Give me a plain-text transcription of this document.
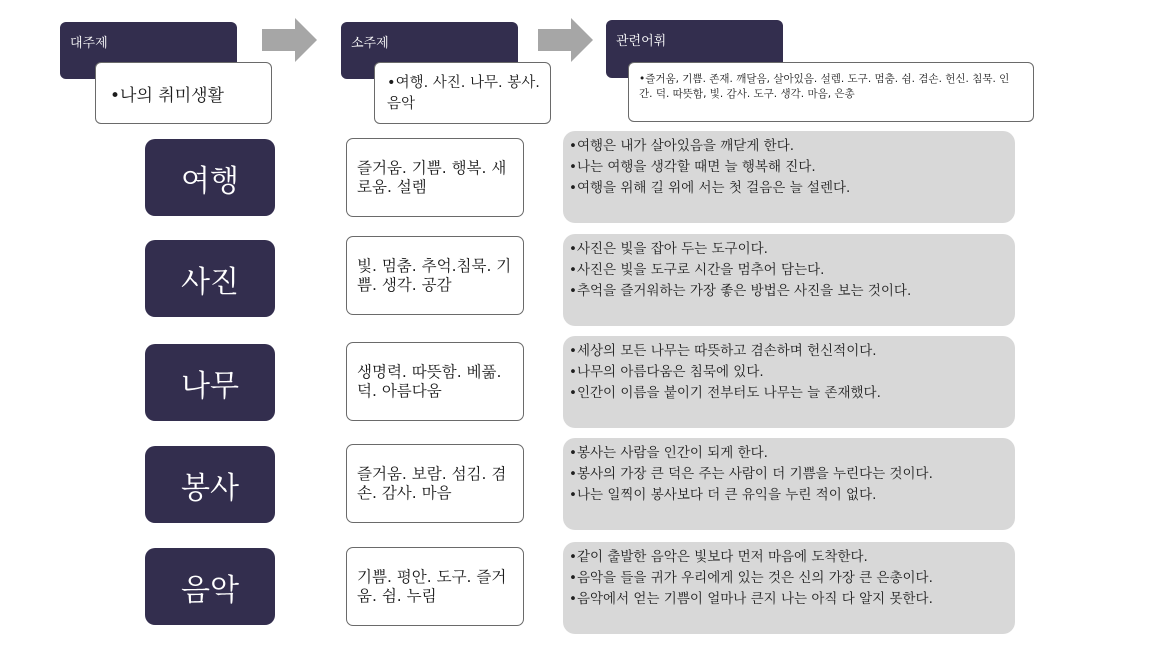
대주제
• 나의 취미생활
소주제
• 여행. 사진. 나무. 봉사. 음악
관련어휘
• 즐거움, 기쁨. 존재. 깨달음, 살아있음. 설렘. 도구. 멈춤. 쉼. 겸손. 헌신. 침묵. 인간. 덕. 따뜻함, 빛. 감사. 도구. 생각. 마음, 은총
여행	즐거움. 기쁨. 행복. 새로움. 설렘
• 여행은 내가 살아있음을 깨닫게 한다.
• 나는 여행을 생각할 때면 늘 행복해 진다.
• 여행을 위해 길 위에 서는 첫 걸음은 늘 설렌다.
사진	빛. 멈춤. 추억.침묵. 기쁨. 생각. 공감
• 사진은 빛을 잡아 두는 도구이다.
• 사진은 빛을 도구로 시간을 멈추어 담는다.
• 추억을 즐거워하는 가장 좋은 방법은 사진을 보는 것이다.
나무	생명력. 따뜻함. 베풂. 덕. 아름다움
• 세상의 모든 나무는 따뜻하고 겸손하며 헌신적이다.
• 나무의 아름다움은 침묵에 있다.
• 인간이 이름을 붙이기 전부터도 나무는 늘 존재했다.
봉사	즐거움. 보람. 섬김. 겸손. 감사. 마음
• 봉사는 사람을 인간이 되게 한다.
• 봉사의 가장 큰 덕은 주는 사람이 더 기쁨을 누린다는 것이다.
• 나는 일찍이 봉사보다 더 큰 유익을 누린 적이 없다.
음악	기쁨. 평안. 도구. 즐거움. 쉼. 누림
• 같이 출발한 음악은 빛보다 먼저 마음에 도착한다.
• 음악을 들을 귀가 우리에게 있는 것은 신의 가장 큰 은총이다.
• 음악에서 얻는 기쁨이 얼마나 큰지 나는 아직 다 알지 못한다.
